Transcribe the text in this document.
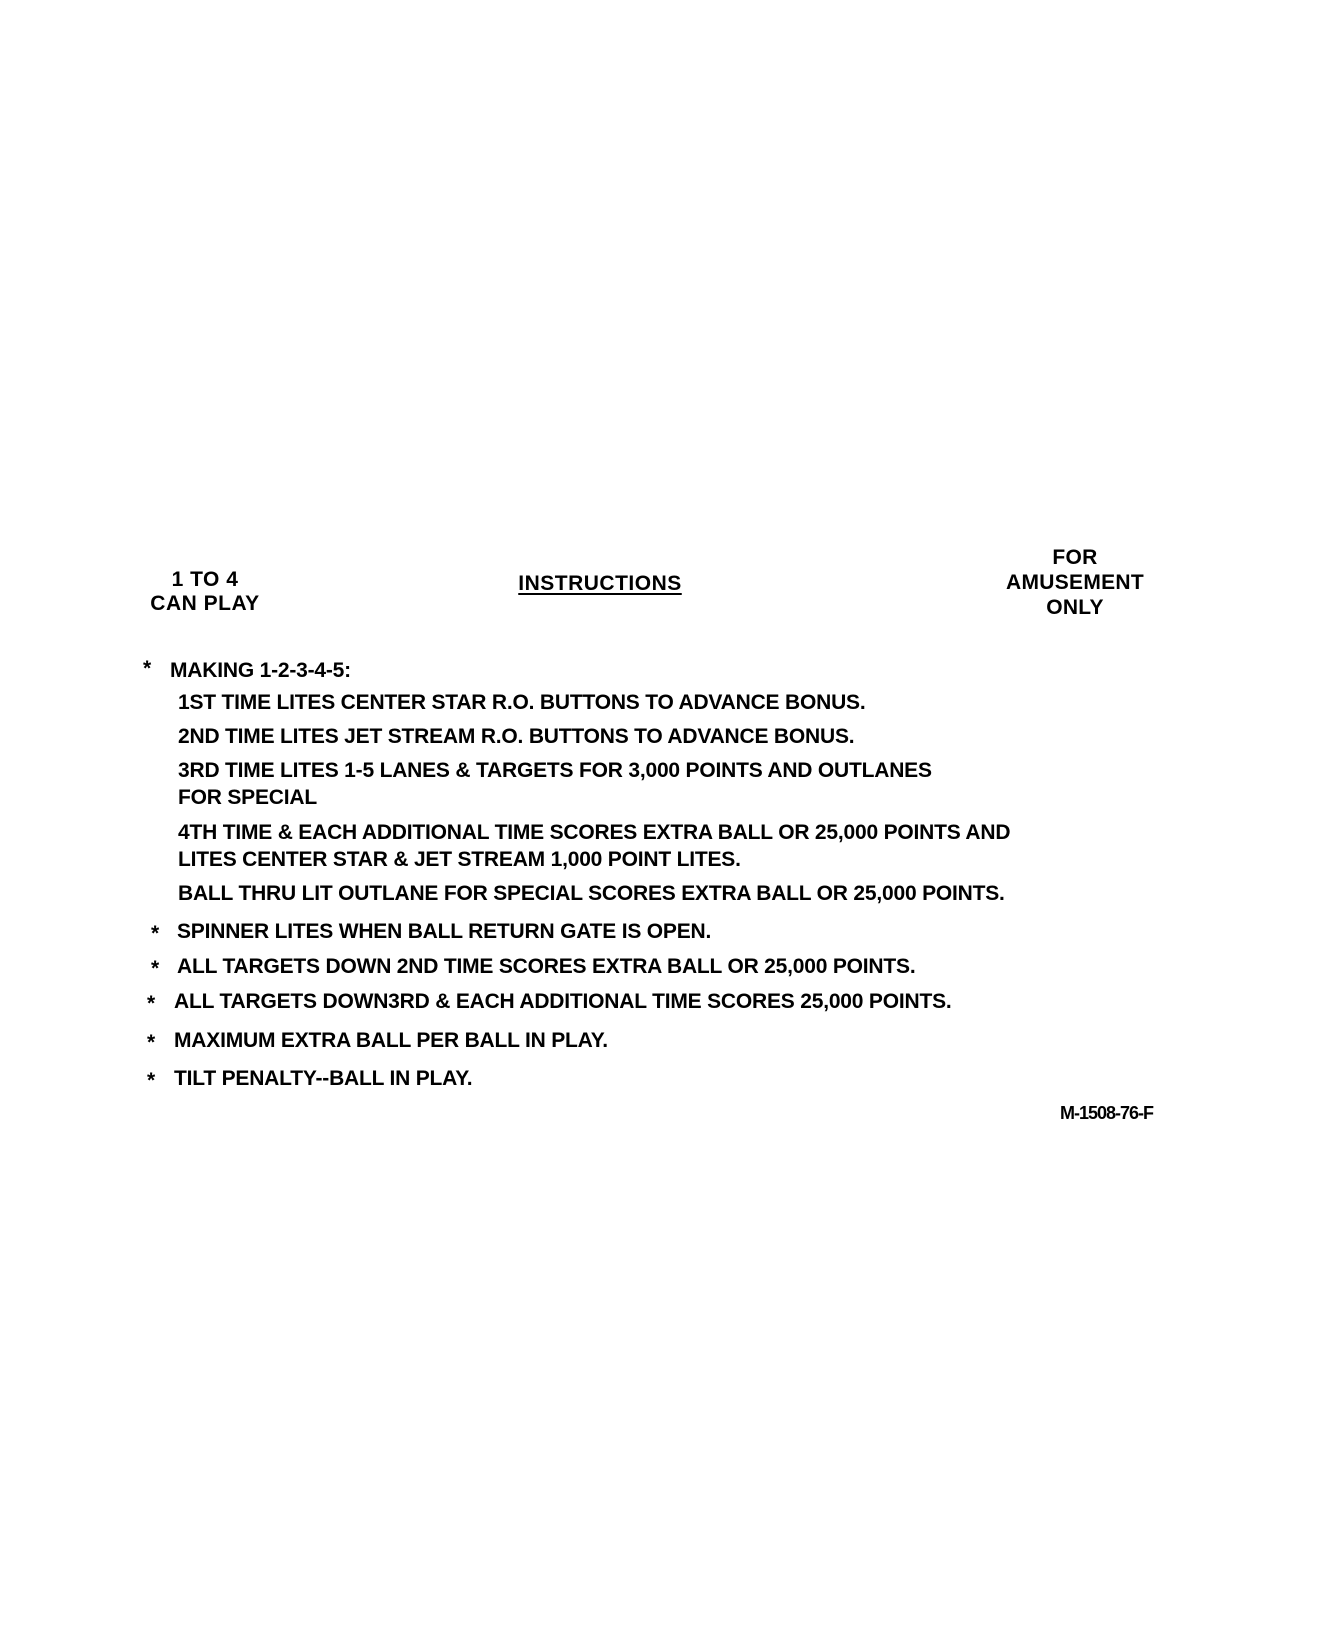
1 TO 4
CAN PLAY
INSTRUCTIONS
FOR
AMUSEMENT
ONLY
* MAKING 1-2-3-4-5:
1ST TIME LITES CENTER STAR R.O. BUTTONS TO ADVANCE BONUS.
2ND TIME LITES JET STREAM R.O. BUTTONS TO ADVANCE BONUS.
3RD TIME LITES 1-5 LANES & TARGETS FOR 3,000 POINTS AND OUTLANES
FOR SPECIAL
4TH TIME & EACH ADDITIONAL TIME SCORES EXTRA BALL OR 25,000 POINTS AND
LITES CENTER STAR & JET STREAM 1,000 POINT LITES.
BALL THRU LIT OUTLANE FOR SPECIAL SCORES EXTRA BALL OR 25,000 POINTS.
* SPINNER LITES WHEN BALL RETURN GATE IS OPEN.
* ALL TARGETS DOWN 2ND TIME SCORES EXTRA BALL OR 25,000 POINTS.
* ALL TARGETS DOWN3RD & EACH ADDITIONAL TIME SCORES 25,000 POINTS.
* MAXIMUM EXTRA BALL PER BALL IN PLAY.
* TILT PENALTY--BALL IN PLAY.
M-1508-76-F
